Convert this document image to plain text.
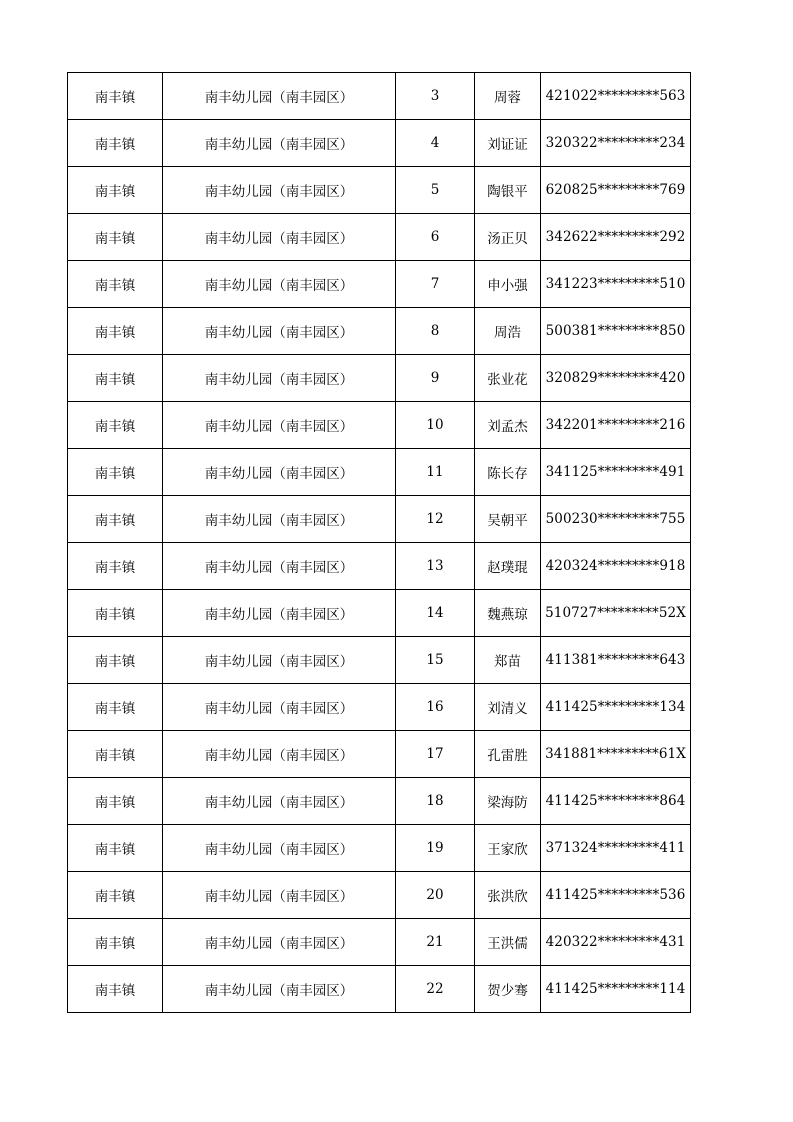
南丰镇	南丰幼儿园（南丰园区）	3	周蓉	421022*********563
南丰镇	南丰幼儿园（南丰园区）	4	刘证证	320322*********234
南丰镇	南丰幼儿园（南丰园区）	5	陶银平	620825*********769
南丰镇	南丰幼儿园（南丰园区）	6	汤正贝	342622*********292
南丰镇	南丰幼儿园（南丰园区）	7	申小强	341223*********510
南丰镇	南丰幼儿园（南丰园区）	8	周浩	500381*********850
南丰镇	南丰幼儿园（南丰园区）	9	张业花	320829*********420
南丰镇	南丰幼儿园（南丰园区）	10	刘孟杰	342201*********216
南丰镇	南丰幼儿园（南丰园区）	11	陈长存	341125*********491
南丰镇	南丰幼儿园（南丰园区）	12	吴朝平	500230*********755
南丰镇	南丰幼儿园（南丰园区）	13	赵璞琨	420324*********918
南丰镇	南丰幼儿园（南丰园区）	14	魏燕琼	510727*********52X
南丰镇	南丰幼儿园（南丰园区）	15	郑苗	411381*********643
南丰镇	南丰幼儿园（南丰园区）	16	刘清义	411425*********134
南丰镇	南丰幼儿园（南丰园区）	17	孔雷胜	341881*********61X
南丰镇	南丰幼儿园（南丰园区）	18	梁海防	411425*********864
南丰镇	南丰幼儿园（南丰园区）	19	王家欣	371324*********411
南丰镇	南丰幼儿园（南丰园区）	20	张洪欣	411425*********536
南丰镇	南丰幼儿园（南丰园区）	21	王洪儒	420322*********431
南丰镇	南丰幼儿园（南丰园区）	22	贺少骞	411425*********114
